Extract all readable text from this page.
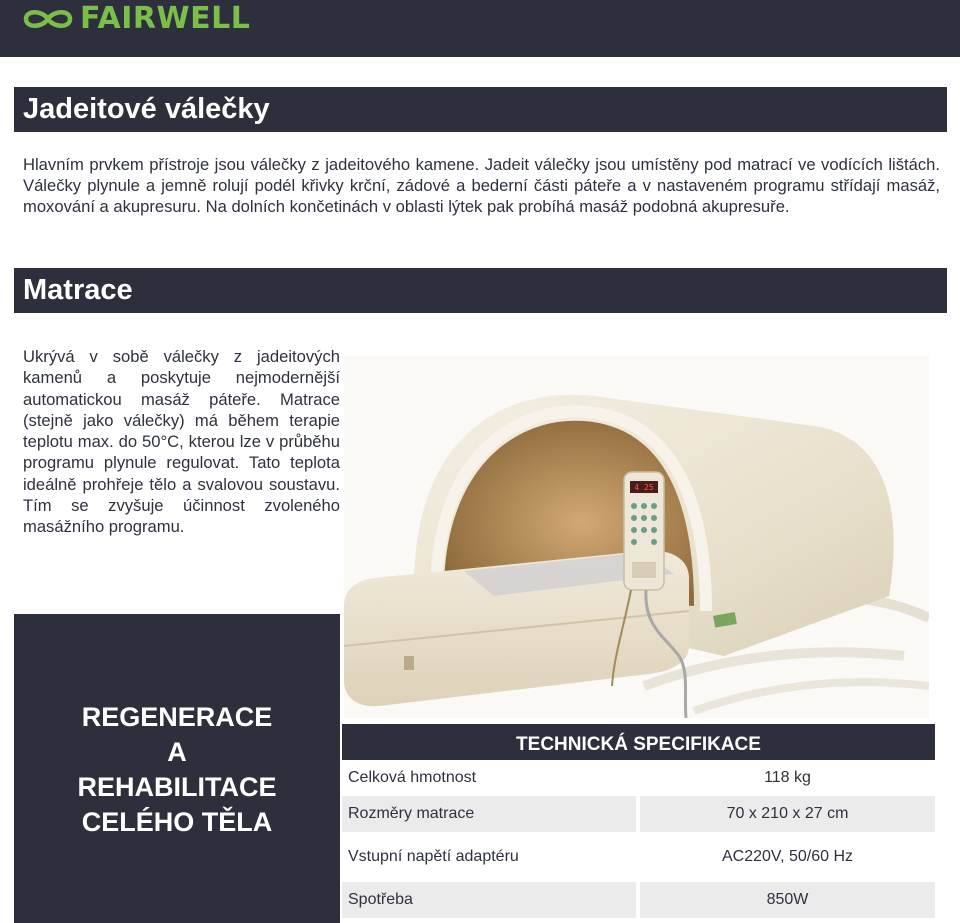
FAIRWELL
Jadeitové válečky

Hlavním prvkem přístroje jsou válečky z jadeitového kamene. Jadeit válečky jsou umístěny pod matrací ve vodících lištách. Válečky plynule a jemně rolují podél křivky krční, zádové a bederní části páteře a v nastaveném programu střídají masáž, moxování a akupresuru. Na dolních končetinách v oblasti lýtek pak probíhá masáž podobná akupresuře.

Matrace

Ukrývá v sobě válečky z jadeitových kamenů a poskytuje nejmodernější automatickou masáž páteře. Matrace (stejně jako válečky) má během terapie teplotu max. do 50°C, kterou lze v průběhu programu plynule regulovat. Tato teplota ideálně prohřeje tělo a svalovou soustavu. Tím se zvyšuje účinnost zvoleného masážního programu.

4 25
REGENERACE
A
REHABILITACE
CELÉHO TĚLA
TECHNICKÁ SPECIFIKACE
Celková hmotnost	118 kg
Rozměry matrace	70 x 210 x 27 cm
Vstupní napětí adaptéru	AC220V, 50/60 Hz
Spotřeba	850W
